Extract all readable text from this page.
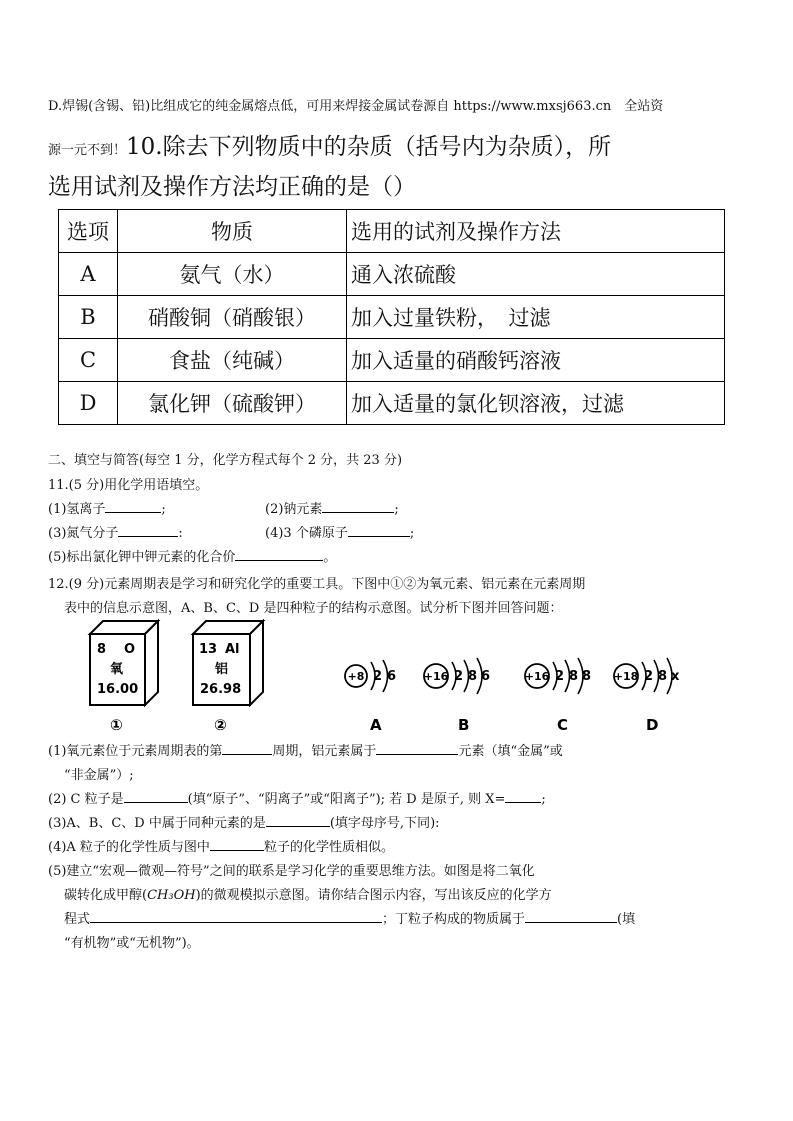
D.焊锡(含锡、铅)比组成它的纯金属熔点低，可用来焊接金属试卷源自 https://www.mxsj663.cn　全站资
源一元不到！10.除去下列物质中的杂质（括号内为杂质），所
选用试剂及操作方法均正确的是（）
选项	物质	选用的试剂及操作方法
A	氨气（水）	通入浓硫酸
B	硝酸铜（硝酸银）	加入过量铁粉，　过滤
C	食盐（纯碱）	加入适量的硝酸钙溶液
D	氯化钾（硫酸钾）	加入适量的氯化钡溶液，过滤
二、填空与简答(每空 1 分，化学方程式每个 2 分，共 23 分)
11.(5 分)用化学用语填空。
(1)氢离子	;	(2)钠元素	;
(3)氮气分子	:	(4)3 个磷原子	;
(5)标出氯化钾中钾元素的化合价	。
12.(9 分)元素周期表是学习和研究化学的重要工具。下图中①②为氧元素、铝元素在元素周期
表中的信息示意图，A、B、C、D 是四种粒子的结构示意图。试分析下图并回答问题：
8 O
氧
16.00
①
13 Al
铝
26.98
②
+8 2 6
A
+16 2 8 6
B
+16 2 8 8
C
+18 2 8 x
D
(1)氧元素位于元素周期表的第	周期，铝元素属于	元素（填“金属”或
“非金属”）;
(2) C 粒子是	(填“原子”、“阴离子”或“阳离子”); 若 D 是原子, 则 X=	;
(3)A、B、C、D 中属于同种元素的是	(填字母序号,下同):
(4)A 粒子的化学性质与图中	粒子的化学性质相似。
(5)建立“宏观—微观—符号”之间的联系是学习化学的重要思维方法。如图是将二氧化
碳转化成甲醇(CH₃OH)的微观模拟示意图。请你结合图示内容，写出该反应的化学方
程式	；丁粒子构成的物质属于	(填
“有机物”或“无机物”)。
